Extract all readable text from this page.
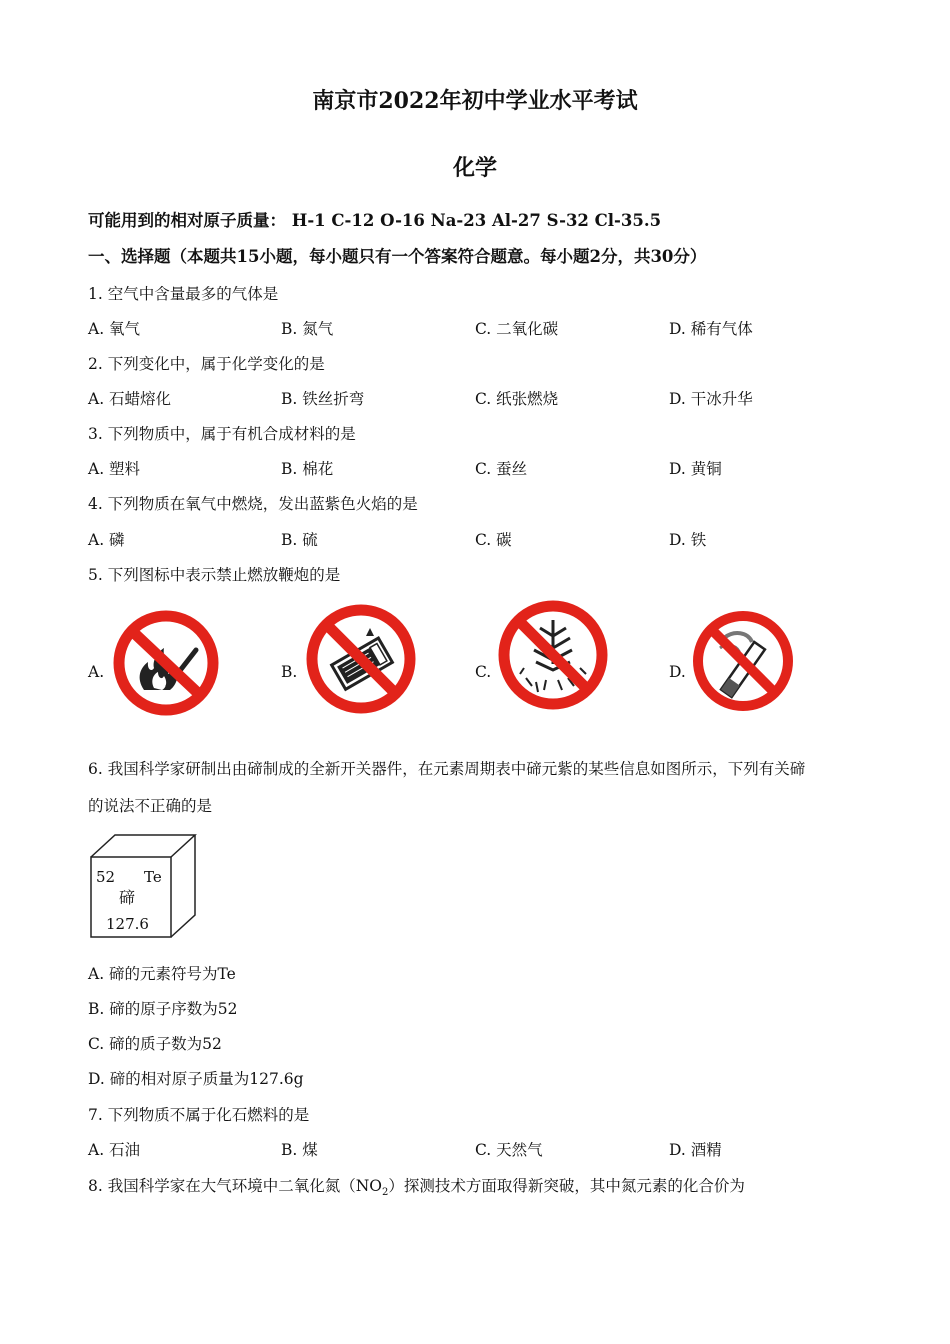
南京市2022年初中学业水平考试
化学
可能用到的相对原子质量： H-1 C-12 O-16 Na-23 Al-27 S-32 Cl-35.5
一、选择题（本题共15小题，每小题只有一个答案符合题意。每小题2分，共30分）
1. 空气中含量最多的气体是
A. 氧气	B. 氮气	C. 二氧化碳	D. 稀有气体
2. 下列变化中，属于化学变化的是
A. 石蜡熔化	B. 铁丝折弯	C. 纸张燃烧	D. 干冰升华
3. 下列物质中，属于有机合成材料的是
A. 塑料	B. 棉花	C. 蚕丝	D. 黄铜
4. 下列物质在氧气中燃烧，发出蓝紫色火焰的是
A. 磷	B. 硫	C. 碳	D. 铁
5. 下列图标中表示禁止燃放鞭炮的是
A.	B.	C.	D.
6. 我国科学家研制出由碲制成的全新开关器件，在元素周期表中碲元紫的某些信息如图所示，下列有关碲
的说法不正确的是
52 Te
碲
127.6
A. 碲的元素符号为Te
B. 碲的原子序数为52
C. 碲的质子数为52
D. 碲的相对原子质量为127.6g
7. 下列物质不属于化石燃料的是
A. 石油	B. 煤	C. 天然气	D. 酒精
8. 我国科学家在大气环境中二氧化氮$(NO_2)$探测技术方面取得新突破，其中氮元素的化合价为
